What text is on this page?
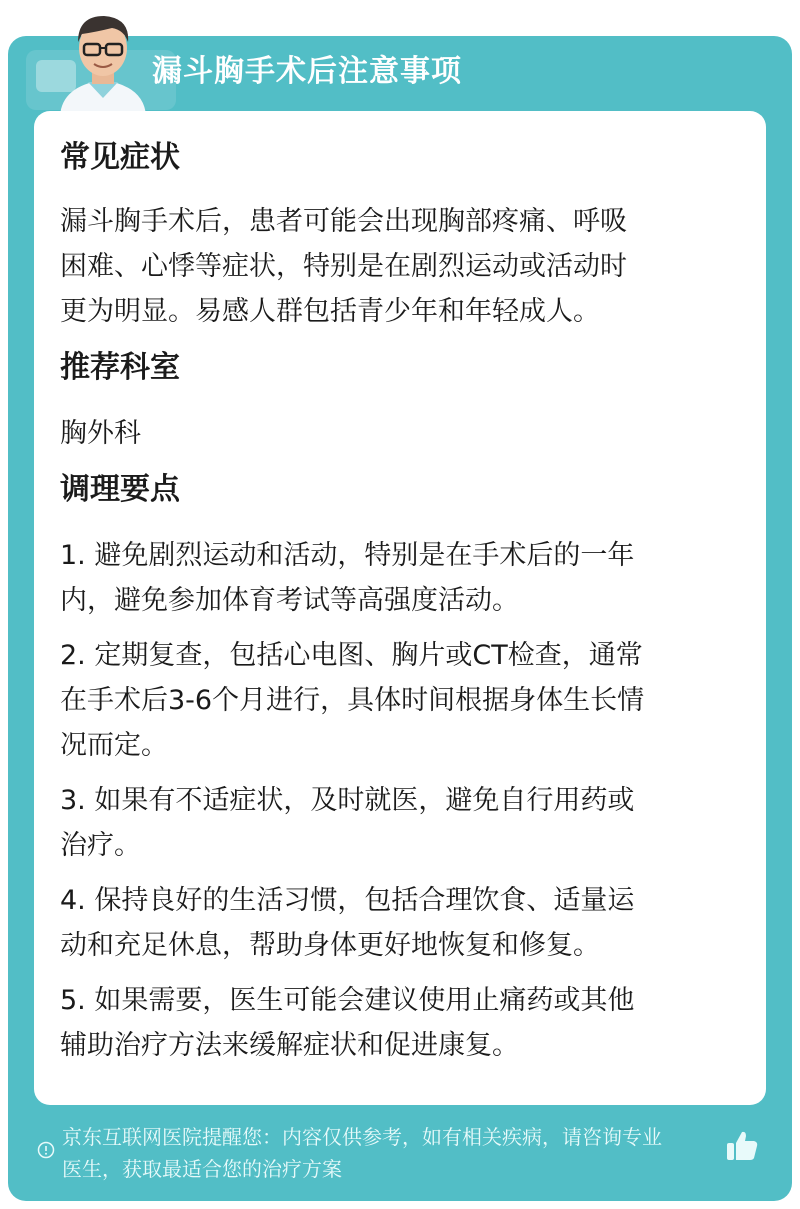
漏斗胸手术后注意事项
常见症状
漏斗胸手术后，患者可能会出现胸部疼痛、呼吸
困难、心悸等症状，特别是在剧烈运动或活动时
更为明显。易感人群包括青少年和年轻成人。
推荐科室
胸外科
调理要点
1. 避免剧烈运动和活动，特别是在手术后的一年
内，避免参加体育考试等高强度活动。
2. 定期复查，包括心电图、胸片或CT检查，通常
在手术后3-6个月进行，具体时间根据身体生长情
况而定。
3. 如果有不适症状，及时就医，避免自行用药或
治疗。
4. 保持良好的生活习惯，包括合理饮食、适量运
动和充足休息，帮助身体更好地恢复和修复。
5. 如果需要，医生可能会建议使用止痛药或其他
辅助治疗方法来缓解症状和促进康复。
京东互联网医院提醒您：内容仅供参考，如有相关疾病，请咨询专业
医生，获取最适合您的治疗方案
